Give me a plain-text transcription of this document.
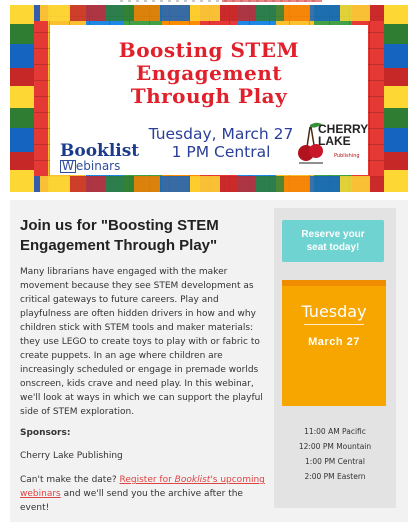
Boosting STEM
Engagement
Through Play
Tuesday, March 27
1 PM Central
Booklist
W ebinars
CHERRY LAKE
Publishing
Join us for "Boosting STEM Engagement Through Play"

Many librarians have engaged with the maker movement because they see STEM development as critical gateways to future careers. Play and playfulness are often hidden drivers in how and why children stick with STEM tools and maker materials: they use LEGO to create toys to play with or fabric to create puppets. In an age where children are increasingly scheduled or engage in premade worlds onscreen, kids crave and need play. In this webinar, we'll look at ways in which we can support the playful side of STEM exploration.

Sponsors:
Cherry Lake Publishing
Can't make the date? Register for Booklist's upcoming webinars and we'll send you the archive after the event!
Reserve your seat today!
Tuesday
March 27
11:00 AM Pacific
12:00 PM Mountain
1:00 PM Central
2:00 PM Eastern
